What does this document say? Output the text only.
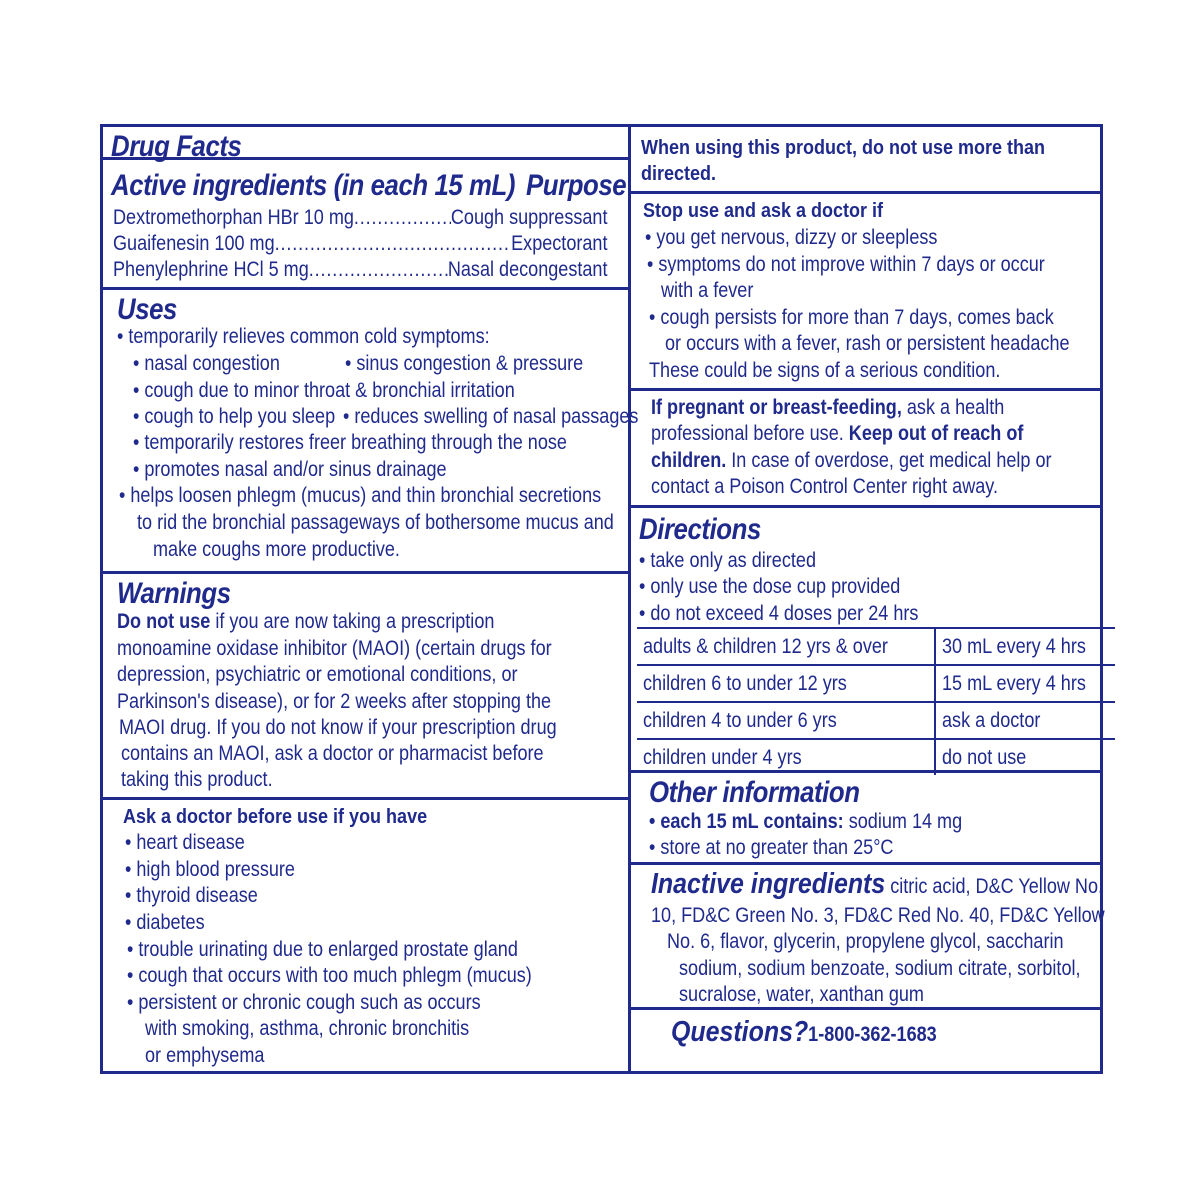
Drug Facts
Active ingredients (in each 15 mL) Purpose
Dextromethorphan HBr 10 mg .....	Cough suppressant
Guaifenesin 100 mg .....	Expectorant
Phenylephrine HCl 5 mg .....	Nasal decongestant
Uses
• temporarily relieves common cold symptoms:
• nasal congestion	• sinus congestion & pressure
• cough due to minor throat & bronchial irritation
• cough to help you sleep • reduces swelling of nasal passages
• temporarily restores freer breathing through the nose
• promotes nasal and/or sinus drainage
• helps loosen phlegm (mucus) and thin bronchial secretions
to rid the bronchial passageways of bothersome mucus and
make coughs more productive.
Warnings
Do not use if you are now taking a prescription
monoamine oxidase inhibitor (MAOI) (certain drugs for
depression, psychiatric or emotional conditions, or
Parkinson's disease), or for 2 weeks after stopping the
MAOI drug. If you do not know if your prescription drug
contains an MAOI, ask a doctor or pharmacist before
taking this product.
Ask a doctor before use if you have
• heart disease
• high blood pressure
• thyroid disease
• diabetes
• trouble urinating due to enlarged prostate gland
• cough that occurs with too much phlegm (mucus)
• persistent or chronic cough such as occurs
with smoking, asthma, chronic bronchitis
or emphysema
When using this product, do not use more than
directed.
Stop use and ask a doctor if
• you get nervous, dizzy or sleepless
• symptoms do not improve within 7 days or occur
with a fever
• cough persists for more than 7 days, comes back
or occurs with a fever, rash or persistent headache
These could be signs of a serious condition.
If pregnant or breast-feeding, ask a health
professional before use. Keep out of reach of
children. In case of overdose, get medical help or
contact a Poison Control Center right away.
Directions
• take only as directed
• only use the dose cup provided
• do not exceed 4 doses per 24 hrs
adults & children 12 yrs & over	30 mL every 4 hrs
children 6 to under 12 yrs	15 mL every 4 hrs
children 4 to under 6 yrs	ask a doctor
children under 4 yrs	do not use
Other information
• each 15 mL contains: sodium 14 mg
• store at no greater than 25°C
Inactive ingredients citric acid, D&C Yellow No.
10, FD&C Green No. 3, FD&C Red No. 40, FD&C Yellow
No. 6, flavor, glycerin, propylene glycol, saccharin
sodium, sodium benzoate, sodium citrate, sorbitol,
sucralose, water, xanthan gum
Questions?1-800-362-1683
